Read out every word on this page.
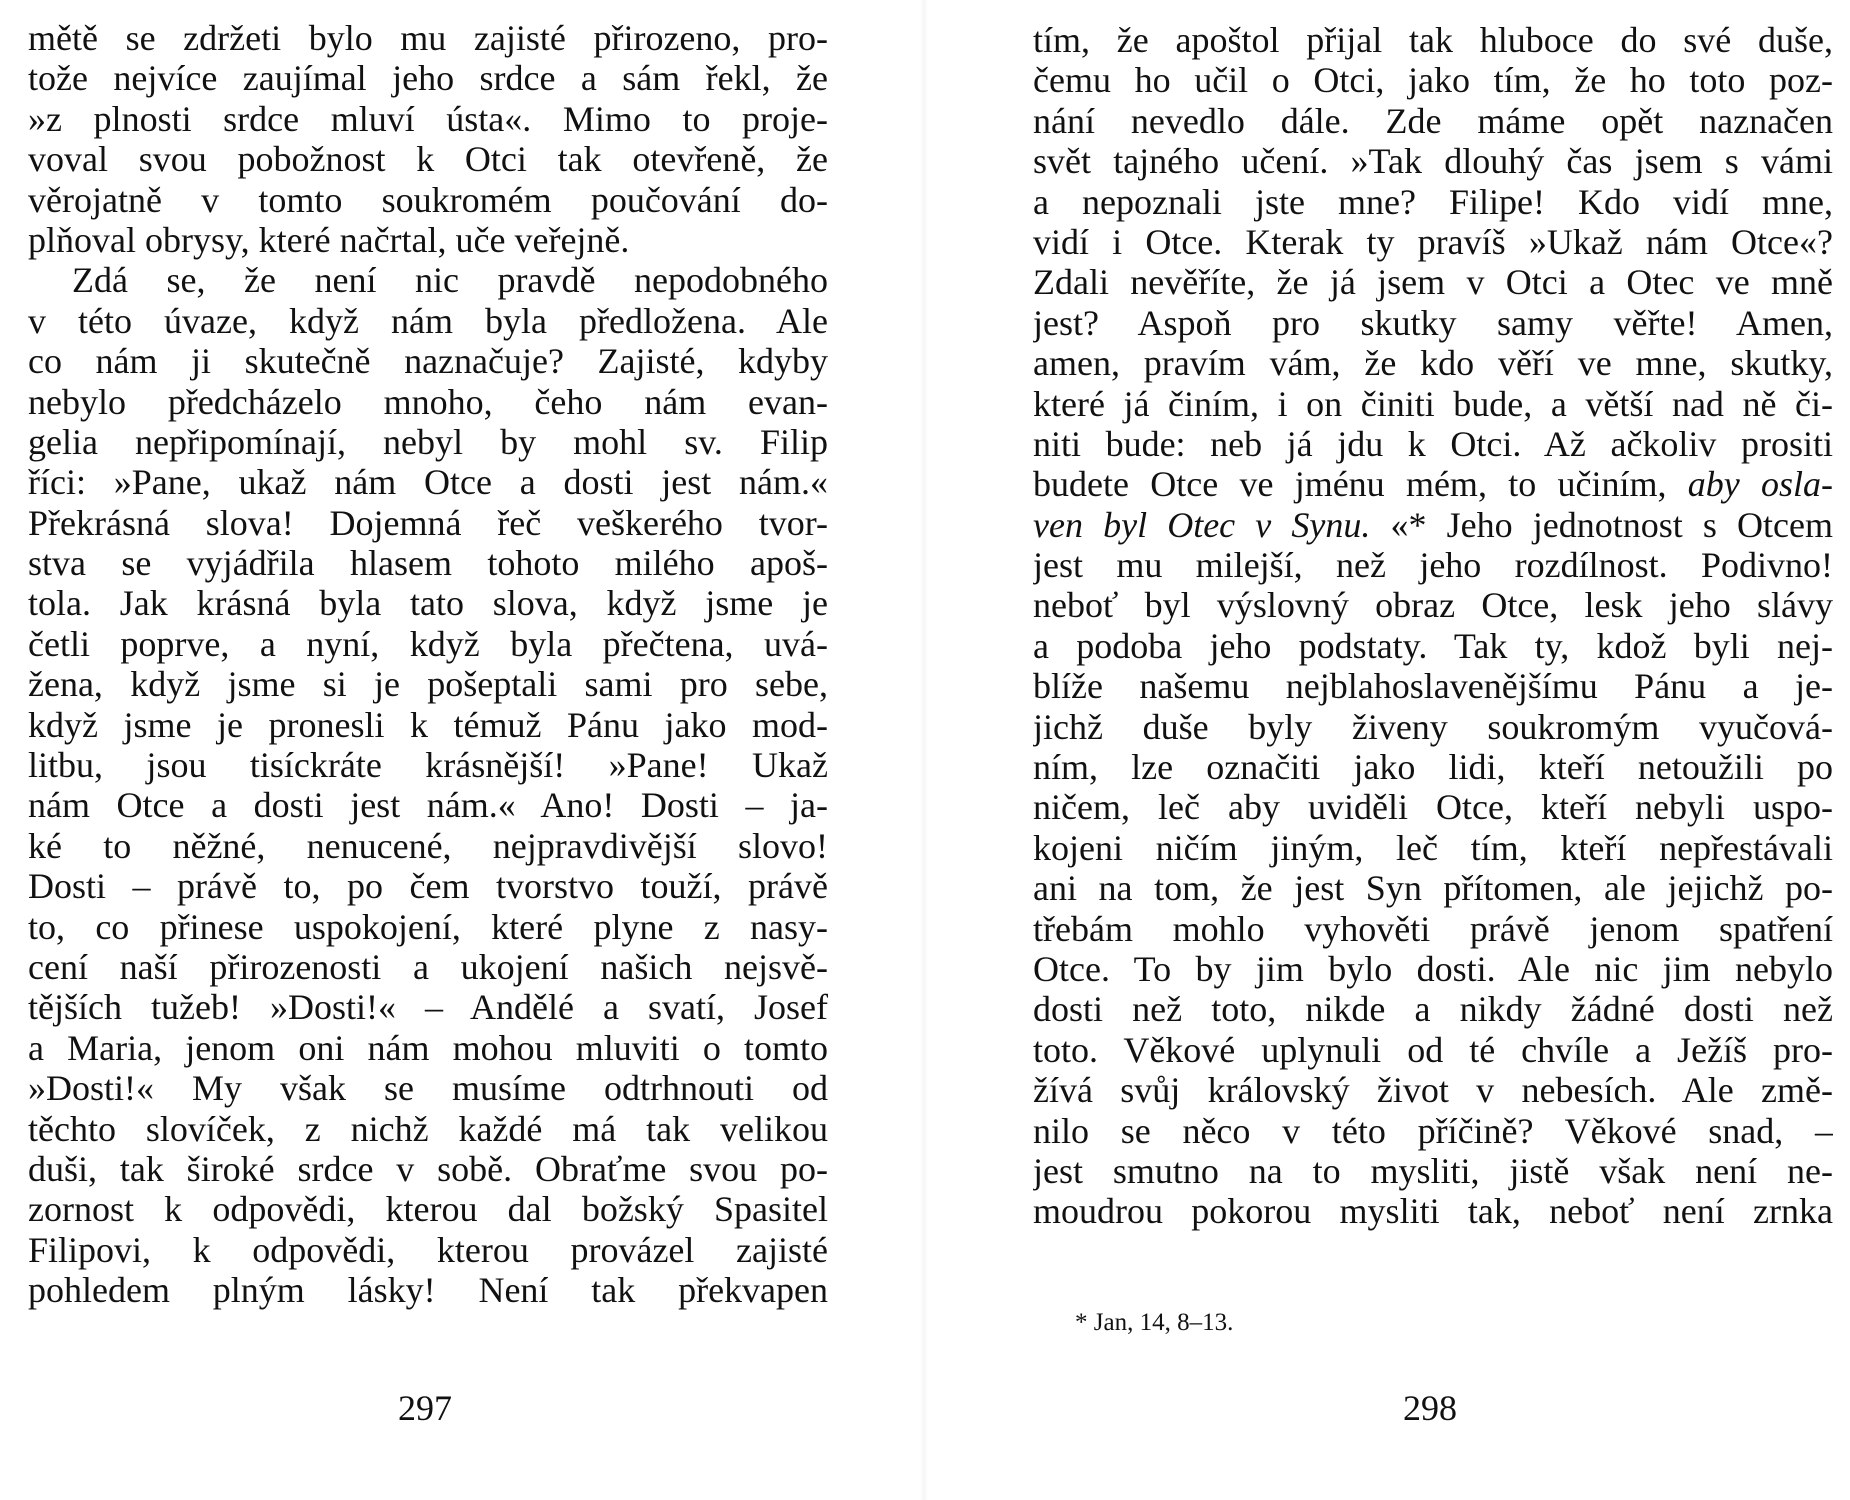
mětě se zdržeti bylo mu zajisté přirozeno, pro-
tože nejvíce zaujímal jeho srdce a sám řekl, že
»z plnosti srdce mluví ústa«. Mimo to proje-
voval svou pobožnost k Otci tak otevřeně, že
věrojatně v tomto soukromém poučování do-
plňoval obrysy, které načrtal, uče veřejně.
Zdá se, že není nic pravdě nepodobného
v této úvaze, když nám byla předložena. Ale
co nám ji skutečně naznačuje? Zajisté, kdyby
nebylo předcházelo mnoho, čeho nám evan-
gelia nepřipomínají, nebyl by mohl sv. Filip
říci: »Pane, ukaž nám Otce a dosti jest nám.«
Překrásná slova! Dojemná řeč veškerého tvor-
stva se vyjádřila hlasem tohoto milého apoš-
tola. Jak krásná byla tato slova, když jsme je
četli poprve, a nyní, když byla přečtena, uvá-
žena, když jsme si je pošeptali sami pro sebe,
když jsme je pronesli k témuž Pánu jako mod-
litbu, jsou tisíckráte krásnější! »Pane! Ukaž
nám Otce a dosti jest nám.« Ano! Dosti – ja-
ké to něžné, nenucené, nejpravdivější slovo!
Dosti – právě to, po čem tvorstvo touží, právě
to, co přinese uspokojení, které plyne z nasy-
cení naší přirozenosti a ukojení našich nejsvě-
tějších tužeb! »Dosti!« – Andělé a svatí, Josef
a Maria, jenom oni nám mohou mluviti o tomto
»Dosti!« My však se musíme odtrhnouti od
těchto slovíček, z nichž každé má tak velikou
duši, tak široké srdce v sobě. Obraťme svou po-
zornost k odpovědi, kterou dal božský Spasitel
Filipovi, k odpovědi, kterou provázel zajisté
pohledem plným lásky! Není tak překvapen
297
tím, že apoštol přijal tak hluboce do své duše,
čemu ho učil o Otci, jako tím, že ho toto poz-
nání nevedlo dále. Zde máme opět naznačen
svět tajného učení. »Tak dlouhý čas jsem s vámi
a nepoznali jste mne? Filipe! Kdo vidí mne,
vidí i Otce. Kterak ty pravíš »Ukaž nám Otce«?
Zdali nevěříte, že já jsem v Otci a Otec ve mně
jest? Aspoň pro skutky samy věřte! Amen,
amen, pravím vám, že kdo věří ve mne, skutky,
které já činím, i on činiti bude, a větší nad ně či-
niti bude: neb já jdu k Otci. Až ačkoliv prositi
budete Otce ve jménu mém, to učiním, aby osla-
ven byl Otec v Synu. «* Jeho jednotnost s Otcem
jest mu milejší, než jeho rozdílnost. Podivno!
neboť byl výslovný obraz Otce, lesk jeho slávy
a podoba jeho podstaty. Tak ty, kdož byli nej-
blíže našemu nejblahoslavenějšímu Pánu a je-
jichž duše byly živeny soukromým vyučová-
ním, lze označiti jako lidi, kteří netoužili po
ničem, leč aby uviděli Otce, kteří nebyli uspo-
kojeni ničím jiným, leč tím, kteří nepřestávali
ani na tom, že jest Syn přítomen, ale jejichž po-
třebám mohlo vyhověti právě jenom spatření
Otce. To by jim bylo dosti. Ale nic jim nebylo
dosti než toto, nikde a nikdy žádné dosti než
toto. Věkové uplynuli od té chvíle a Ježíš pro-
žívá svůj královský život v nebesích. Ale změ-
nilo se něco v této příčině? Věkové snad, –
jest smutno na to mysliti, jistě však není ne-
moudrou pokorou mysliti tak, neboť není zrnka
* Jan, 14, 8–13.
298
